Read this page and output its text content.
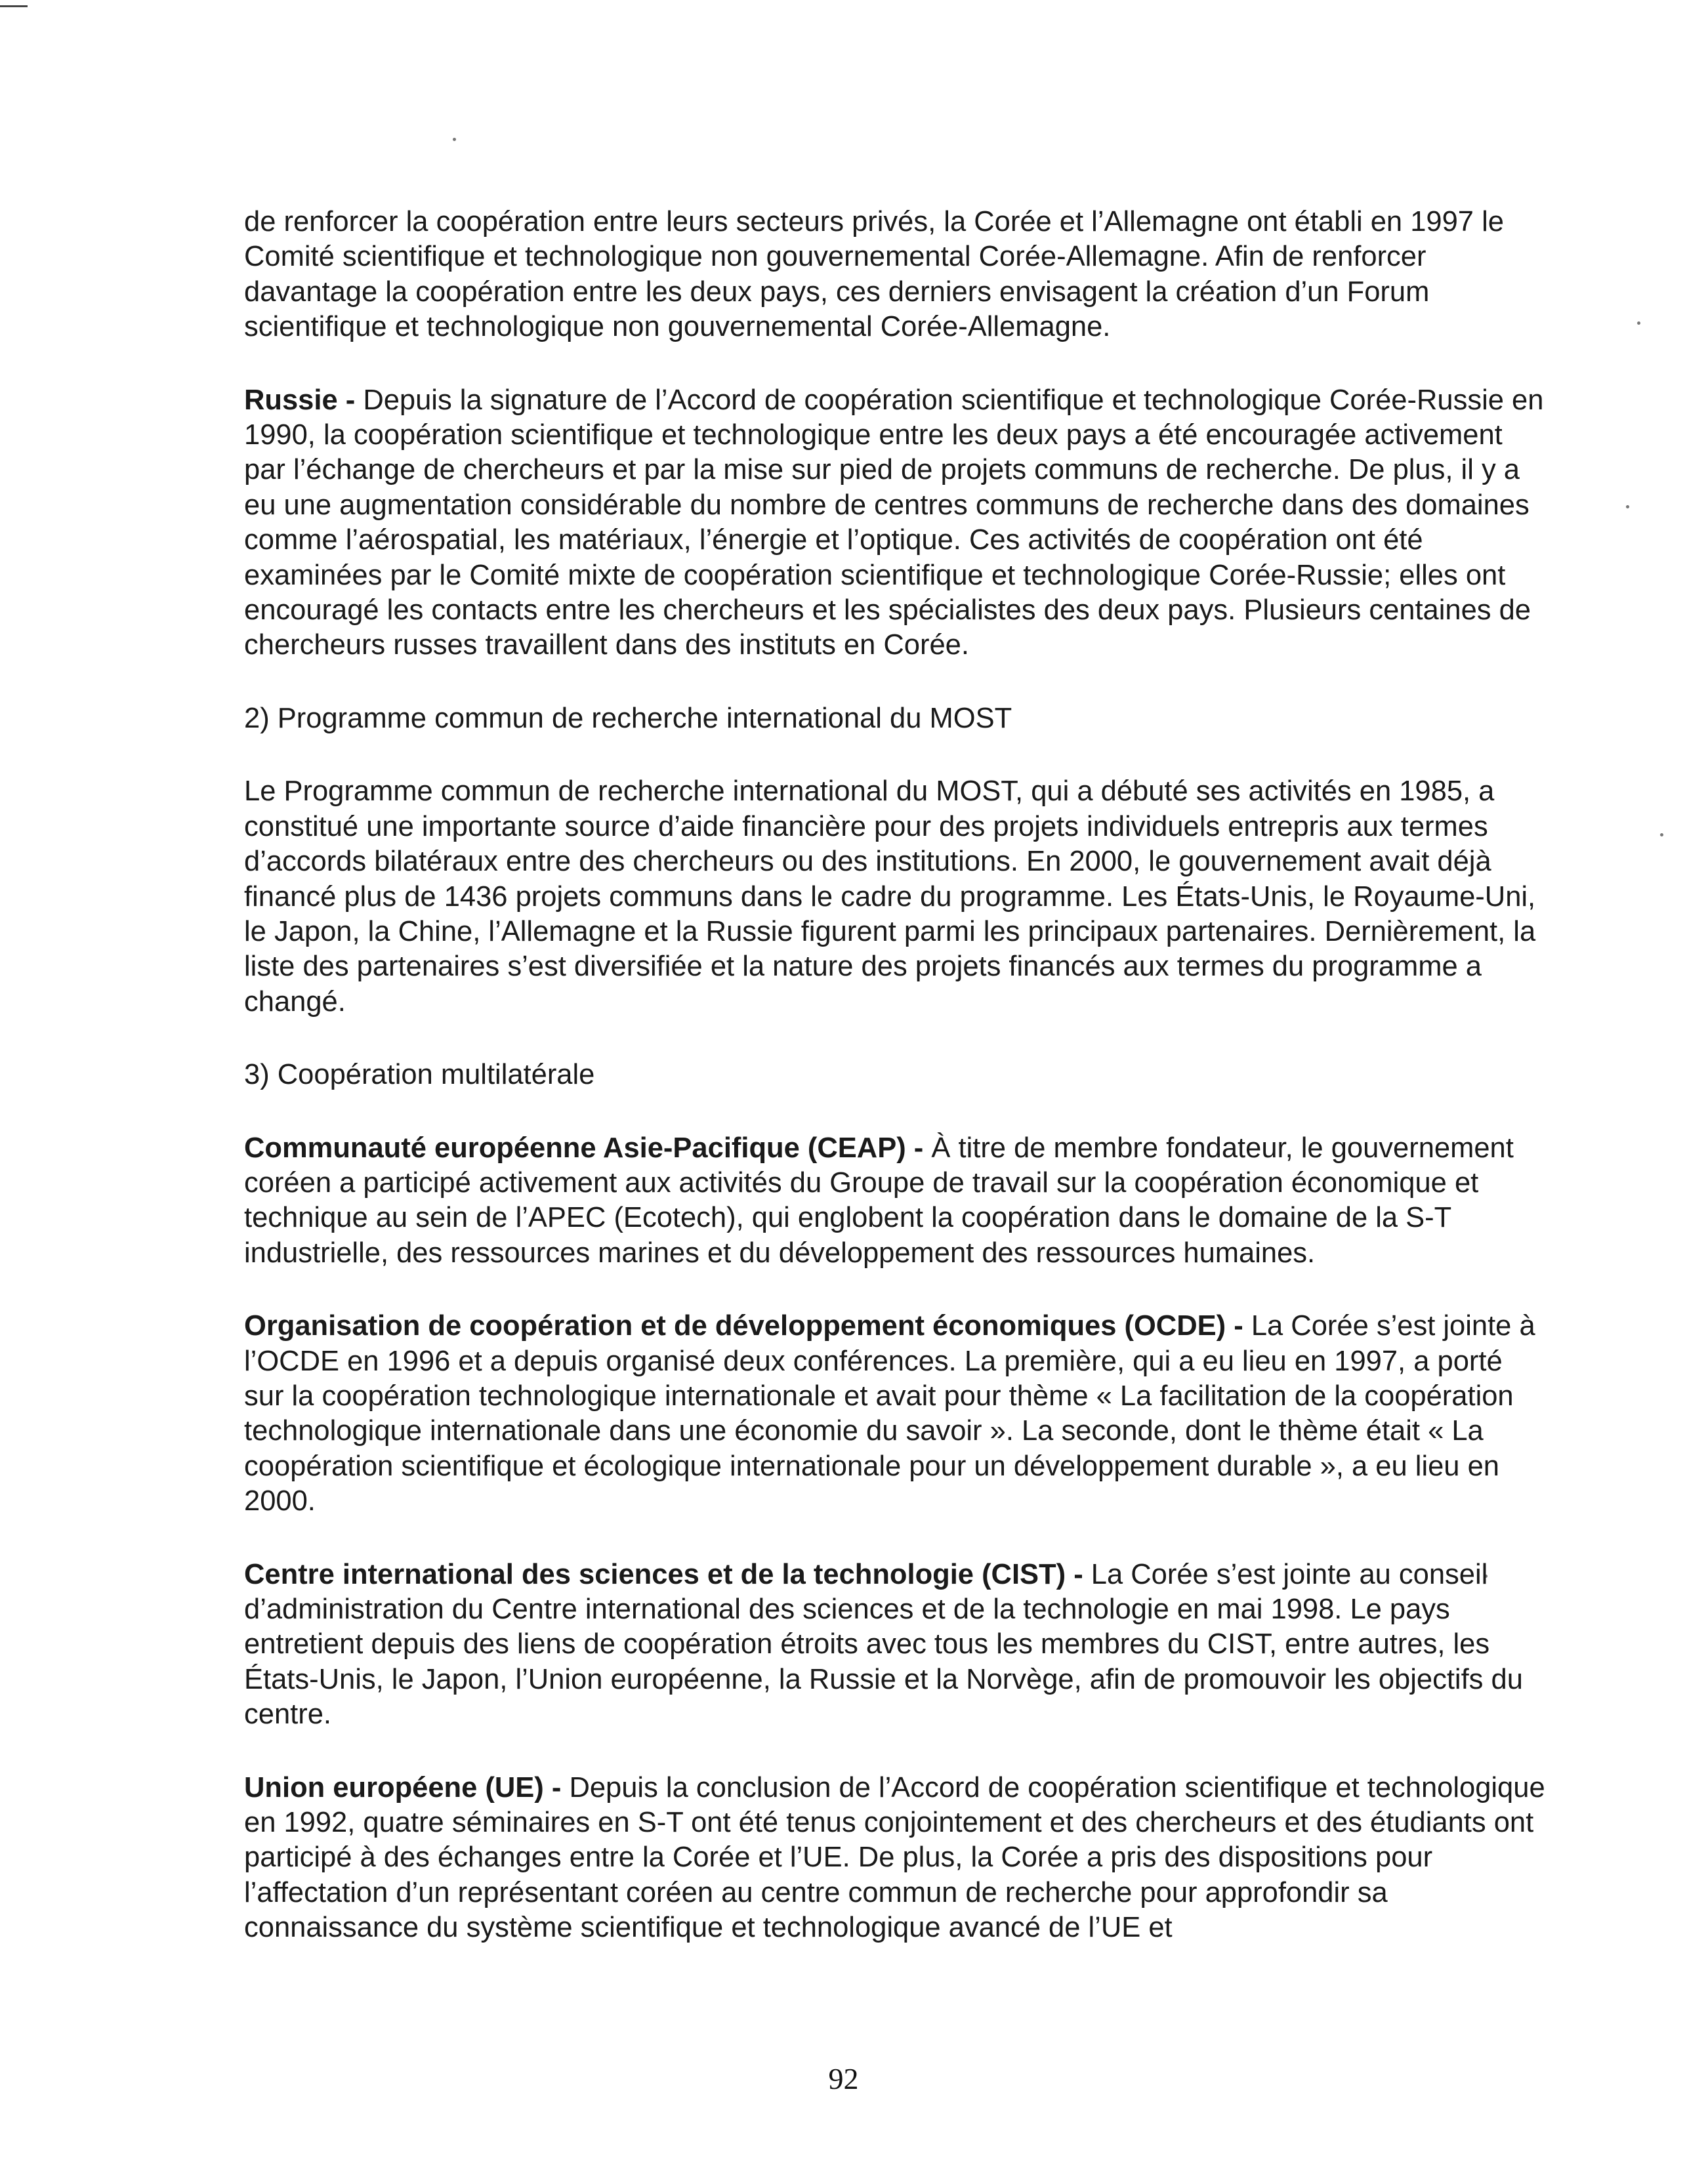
de renforcer la coopération entre leurs secteurs privés, la Corée et l’Allemagne ont établi en 1997 le Comité scientifique et technologique non gouvernemental Corée-Allemagne. Afin de renforcer davantage la coopération entre les deux pays, ces derniers envisagent la création d’un Forum scientifique et technologique non gouvernemental Corée-Allemagne.

Russie - Depuis la signature de l’Accord de coopération scientifique et technologique Corée-Russie en 1990, la coopération scientifique et technologique entre les deux pays a été encouragée activement par l’échange de chercheurs et par la mise sur pied de projets communs de recherche. De plus, il y a eu une augmentation considérable du nombre de centres communs de recherche dans des domaines comme l’aérospatial, les matériaux, l’énergie et l’optique. Ces activités de coopération ont été examinées par le Comité mixte de coopération scientifique et technologique Corée-Russie; elles ont encouragé les contacts entre les chercheurs et les spécialistes des deux pays. Plusieurs centaines de chercheurs russes travaillent dans des instituts en Corée.

2) Programme commun de recherche international du MOST

Le Programme commun de recherche international du MOST, qui a débuté ses activités en 1985, a constitué une importante source d’aide financière pour des projets individuels entrepris aux termes d’accords bilatéraux entre des chercheurs ou des institutions. En 2000, le gouvernement avait déjà financé plus de 1436 projets communs dans le cadre du programme. Les États-Unis, le Royaume-Uni, le Japon, la Chine, l’Allemagne et la Russie figurent parmi les principaux partenaires. Dernièrement, la liste des partenaires s’est diversifiée et la nature des projets financés aux termes du programme a changé.

3) Coopération multilatérale

Communauté européenne Asie-Pacifique (CEAP) - À titre de membre fondateur, le gouvernement coréen a participé activement aux activités du Groupe de travail sur la coopération économique et technique au sein de l’APEC (Ecotech), qui englobent la coopération dans le domaine de la S-T industrielle, des ressources marines et du développement des ressources humaines.

Organisation de coopération et de développement économiques (OCDE) - La Corée s’est jointe à l’OCDE en 1996 et a depuis organisé deux conférences. La première, qui a eu lieu en 1997, a porté sur la coopération technologique internationale et avait pour thème « La facilitation de la coopération technologique internationale dans une économie du savoir ». La seconde, dont le thème était « La coopération scientifique et écologique internationale pour un développement durable », a eu lieu en 2000.

Centre international des sciences et de la technologie (CIST) - La Corée s’est jointe au conseil d’administration du Centre international des sciences et de la technologie en mai 1998. Le pays entretient depuis des liens de coopération étroits avec tous les membres du CIST, entre autres, les États-Unis, le Japon, l’Union européenne, la Russie et la Norvège, afin de promouvoir les objectifs du centre.

Union européene (UE) - Depuis la conclusion de l’Accord de coopération scientifique et technologique en 1992, quatre séminaires en S-T ont été tenus conjointement et des chercheurs et des étudiants ont participé à des échanges entre la Corée et l’UE. De plus, la Corée a pris des dispositions pour l’affectation d’un représentant coréen au centre commun de recherche pour approfondir sa connaissance du système scientifique et technologique avancé de l’UE et

92
